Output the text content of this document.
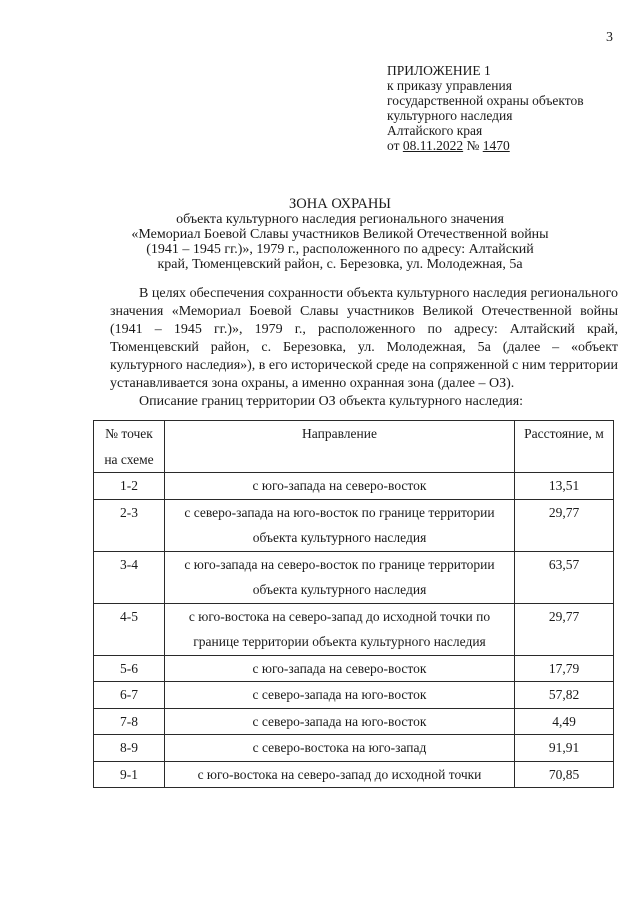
3
ПРИЛОЖЕНИЕ 1
к приказу управления
государственной охраны объектов
культурного наследия
Алтайского края
от 08.11.2022 № 1470
ЗОНА ОХРАНЫ
объекта культурного наследия регионального значения
«Мемориал Боевой Славы участников Великой Отечественной войны
(1941 – 1945 гг.)», 1979 г., расположенного по адресу: Алтайский
край, Тюменцевский район, с. Березовка, ул. Молодежная, 5а

В целях обеспечения сохранности объекта культурного наследия регионального значения «Мемориал Боевой Славы участников Великой Отечественной войны (1941 – 1945 гг.)», 1979 г., расположенного по адресу: Алтайский край, Тюменцевский район, с. Березовка, ул. Молодежная, 5а (далее – «объект культурного наследия»), в его исторической среде на сопряженной с ним территории устанавливается зона охраны, а именно охранная зона (далее – ОЗ).

Описание границ территории ОЗ объекта культурного наследия:

№ точек на схеме	Направление	Расстояние, м
1-2	с юго-запада на северо-восток	13,51
2-3	с северо-запада на юго-восток по границе территории объекта культурного наследия	29,77
3-4	с юго-запада на северо-восток по границе территории объекта культурного наследия	63,57
4-5	с юго-востока на северо-запад до исходной точки по границе территории объекта культурного наследия	29,77
5-6	с юго-запада на северо-восток	17,79
6-7	с северо-запада на юго-восток	57,82
7-8	с северо-запада на юго-восток	4,49
8-9	с северо-востока на юго-запад	91,91
9-1	с юго-востока на северо-запад до исходной точки	70,85
